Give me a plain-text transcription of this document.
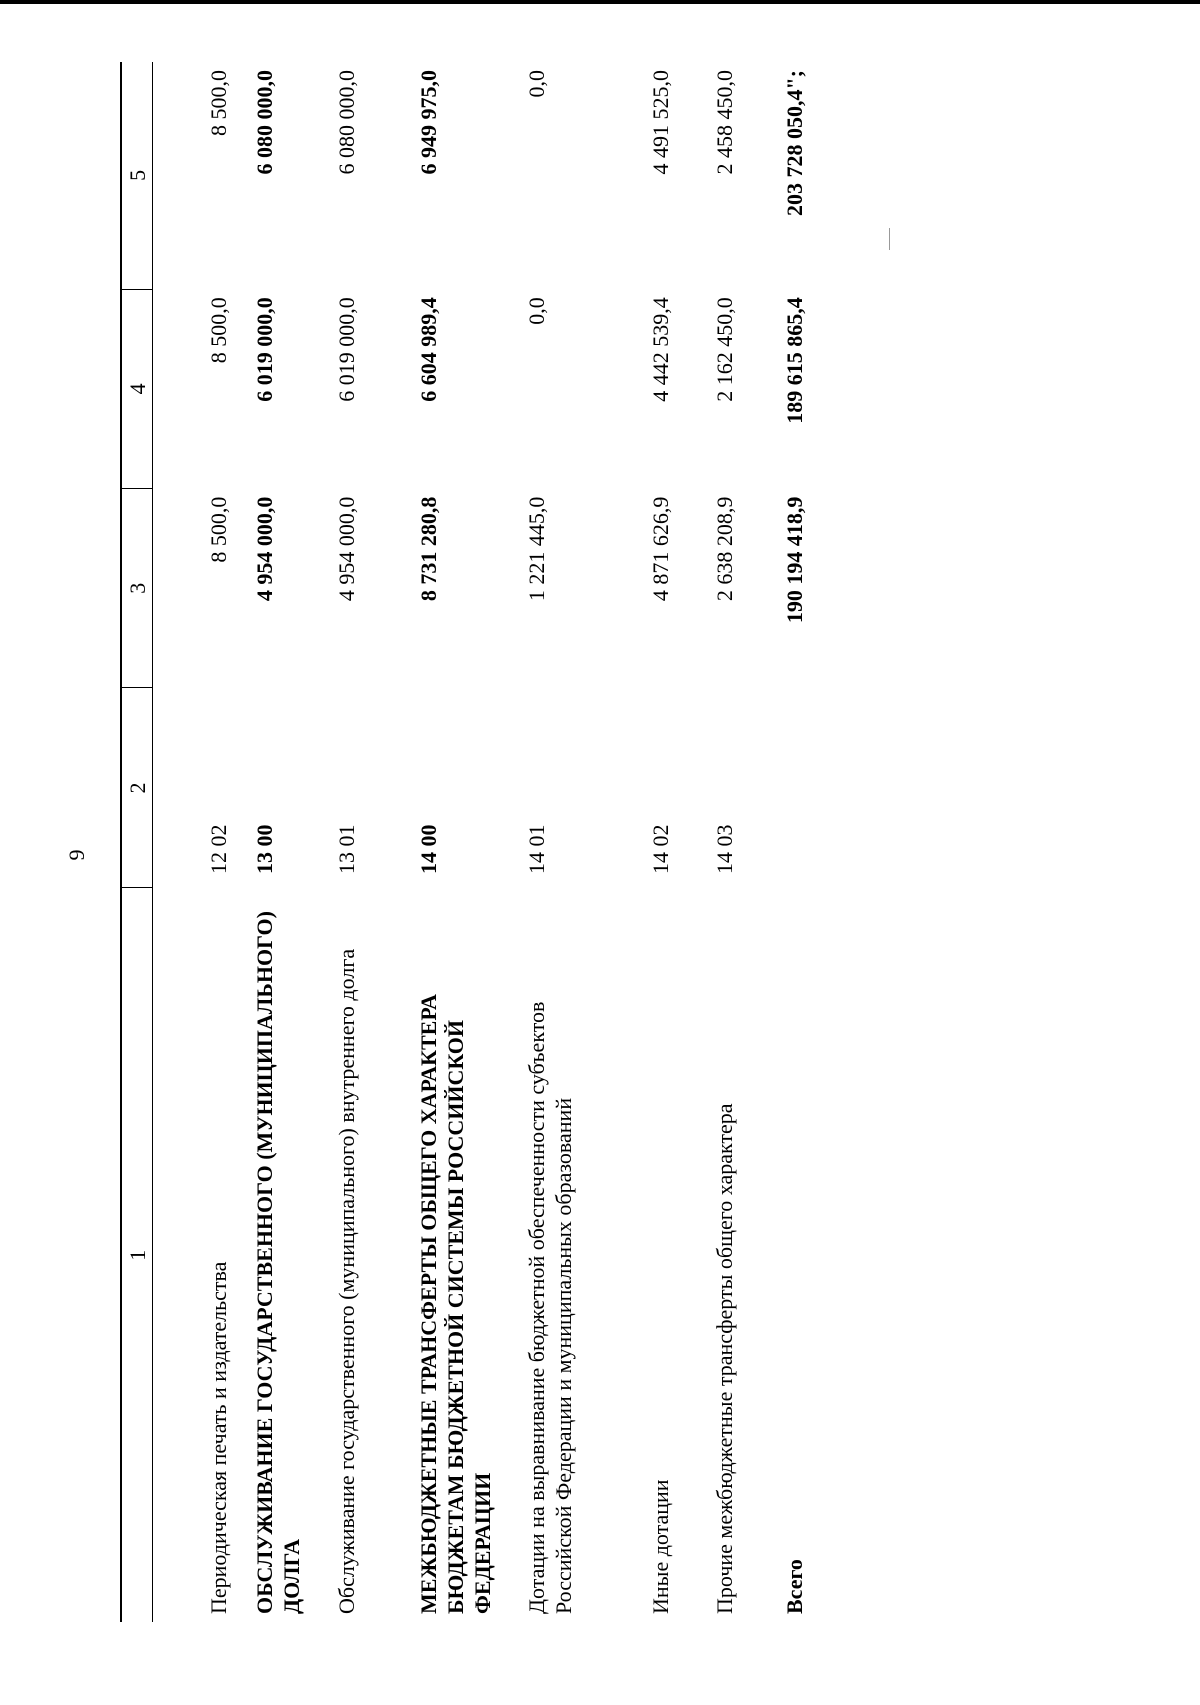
9
1	2	3	4	5
Периодическая печать и издательства	12 02	8 500,0	8 500,0	8 500,0
ОБСЛУЖИВАНИЕ ГОСУДАРСТВЕННОГО (МУНИЦИПАЛЬНОГО) ДОЛГА	13 00	4 954 000,0	6 019 000,0	6 080 000,0
Обслуживание государственного (муниципального) внутреннего долга	13 01	4 954 000,0	6 019 000,0	6 080 000,0
МЕЖБЮДЖЕТНЫЕ ТРАНСФЕРТЫ ОБЩЕГО ХАРАКТЕРА БЮДЖЕТАМ БЮДЖЕТНОЙ СИСТЕМЫ РОССИЙСКОЙ ФЕДЕРАЦИИ	14 00	8 731 280,8	6 604 989,4	6 949 975,0
Дотации на выравнивание бюджетной обеспеченности субъектов Российской Федерации и муниципальных образований	14 01	1 221 445,0	0,0	0,0
Иные дотации	14 02	4 871 626,9	4 442 539,4	4 491 525,0
Прочие межбюджетные трансферты общего характера	14 03	2 638 208,9	2 162 450,0	2 458 450,0
Всего		190 194 418,9	189 615 865,4	203 728 050,4";
